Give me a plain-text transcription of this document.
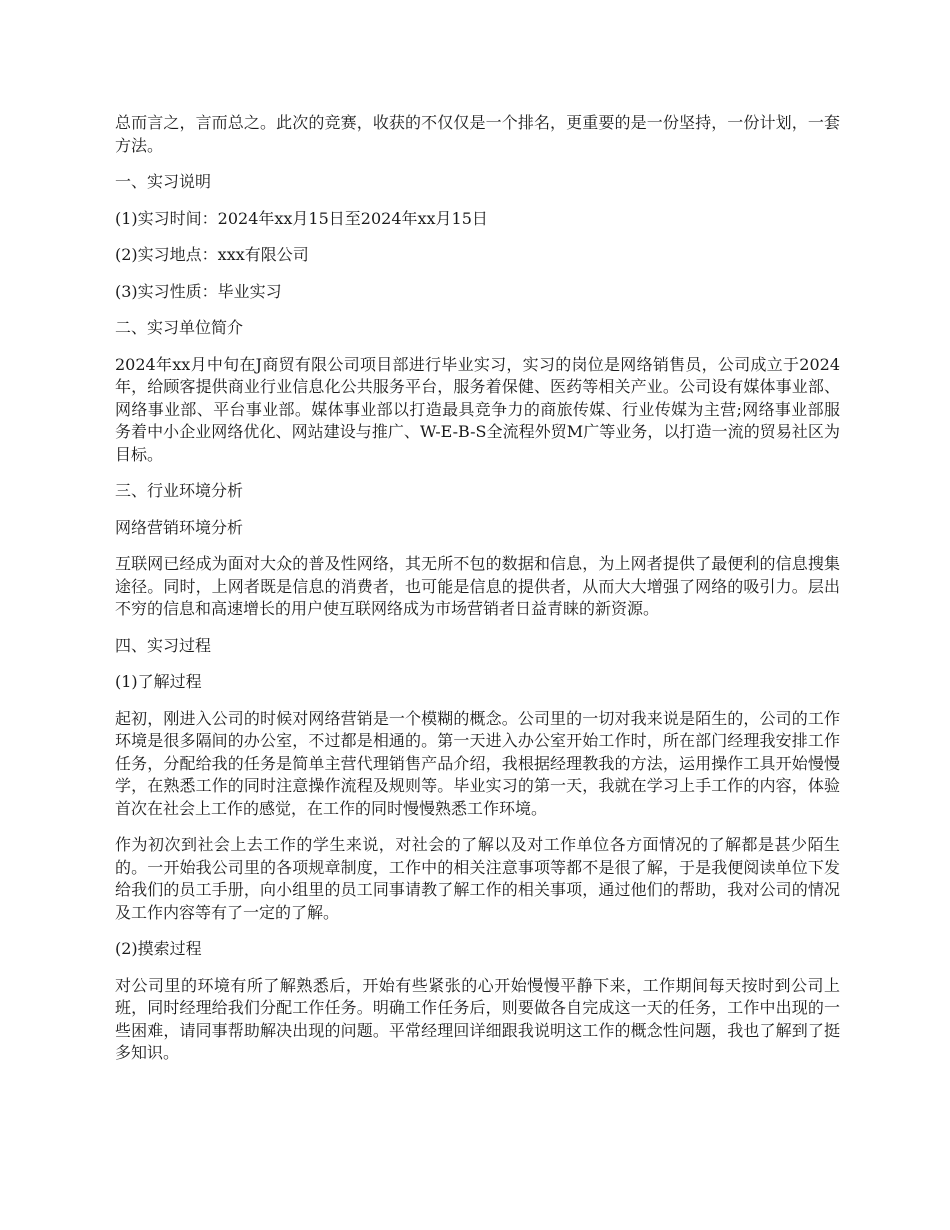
总而言之，言而总之。此次的竞赛，收获的不仅仅是一个排名，更重要的是一份坚持，一份计划，一套方法。

一、实习说明

(1)实习时间：2024年xx月15日至2024年xx月15日

(2)实习地点：xxx有限公司

(3)实习性质：毕业实习

二、实习单位简介

2024年xx月中旬在J商贸有限公司项目部进行毕业实习，实习的岗位是网络销售员，公司成立于2024年，给顾客提供商业行业信息化公共服务平台，服务着保健、医药等相关产业。公司设有媒体事业部、网络事业部、平台事业部。媒体事业部以打造最具竞争力的商旅传媒、行业传媒为主营;网络事业部服务着中小企业网络优化、网站建设与推广、W-E-B-S全流程外贸M广等业务，以打造一流的贸易社区为目标。

三、行业环境分析

网络营销环境分析

互联网已经成为面对大众的普及性网络，其无所不包的数据和信息，为上网者提供了最便利的信息搜集途径。同时，上网者既是信息的消费者，也可能是信息的提供者，从而大大增强了网络的吸引力。层出不穷的信息和高速增长的用户使互联网络成为市场营销者日益青睐的新资源。

四、实习过程

(1)了解过程

起初，刚进入公司的时候对网络营销是一个模糊的概念。公司里的一切对我来说是陌生的，公司的工作环境是很多隔间的办公室，不过都是相通的。第一天进入办公室开始工作时，所在部门经理我安排工作任务，分配给我的任务是简单主营代理销售产品介绍，我根据经理教我的方法，运用操作工具开始慢慢学，在熟悉工作的同时注意操作流程及规则等。毕业实习的第一天，我就在学习上手工作的内容，体验首次在社会上工作的感觉，在工作的同时慢慢熟悉工作环境。

作为初次到社会上去工作的学生来说，对社会的了解以及对工作单位各方面情况的了解都是甚少陌生的。一开始我公司里的各项规章制度，工作中的相关注意事项等都不是很了解，于是我便阅读单位下发给我们的员工手册，向小组里的员工同事请教了解工作的相关事项，通过他们的帮助，我对公司的情况及工作内容等有了一定的了解。

(2)摸索过程

对公司里的环境有所了解熟悉后，开始有些紧张的心开始慢慢平静下来，工作期间每天按时到公司上班，同时经理给我们分配工作任务。明确工作任务后，则要做各自完成这一天的任务，工作中出现的一些困难，请同事帮助解决出现的问题。平常经理回详细跟我说明这工作的概念性问题，我也了解到了挺多知识。
